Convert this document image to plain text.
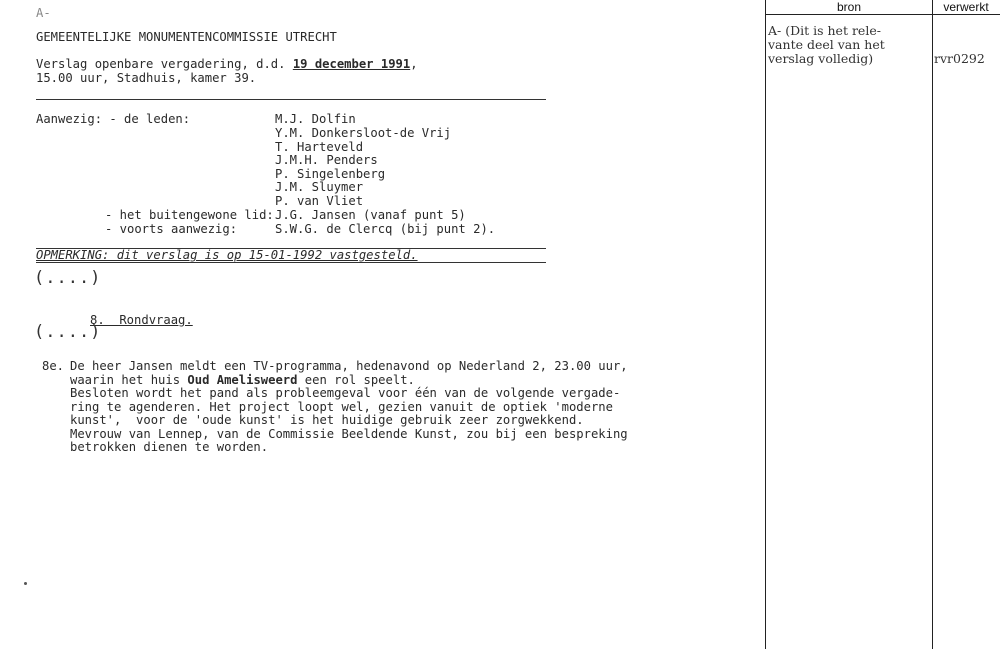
A-
GEMEENTELIJKE MONUMENTENCOMMISSIE UTRECHT
Verslag openbare vergadering, d.d. 19 december 1991,
15.00 uur, Stadhuis, kamer 39.
Aanwezig: - de leden:	M.J. Dolfin
Y.M. Donkersloot-de Vrij
T. Harteveld
J.M.H. Penders
P. Singelenberg
J.M. Sluymer
P. van Vliet
- het buitengewone lid: J.G. Jansen (vanaf punt 5)
- voorts aanwezig:	S.W.G. de Clercq (bij punt 2).
OPMERKING: dit verslag is op 15-01-1992 vastgesteld.
(....)
8.  Rondvraag.
(....)
8e. De heer Jansen meldt een TV-programma, hedenavond op Nederland 2, 23.00 uur,
waarin het huis Oud Amelisweerd een rol speelt.
Besloten wordt het pand als probleemgeval voor één van de volgende vergade-
ring te agenderen. Het project loopt wel, gezien vanuit de optiek 'moderne
kunst',  voor de 'oude kunst' is het huidige gebruik zeer zorgwekkend.
Mevrouw van Lennep, van de Commissie Beeldende Kunst, zou bij een bespreking
betrokken dienen te worden.
bron	verwerkt
A- (Dit is het rele-
vante deel van het
verslag volledig)	rvr0292
